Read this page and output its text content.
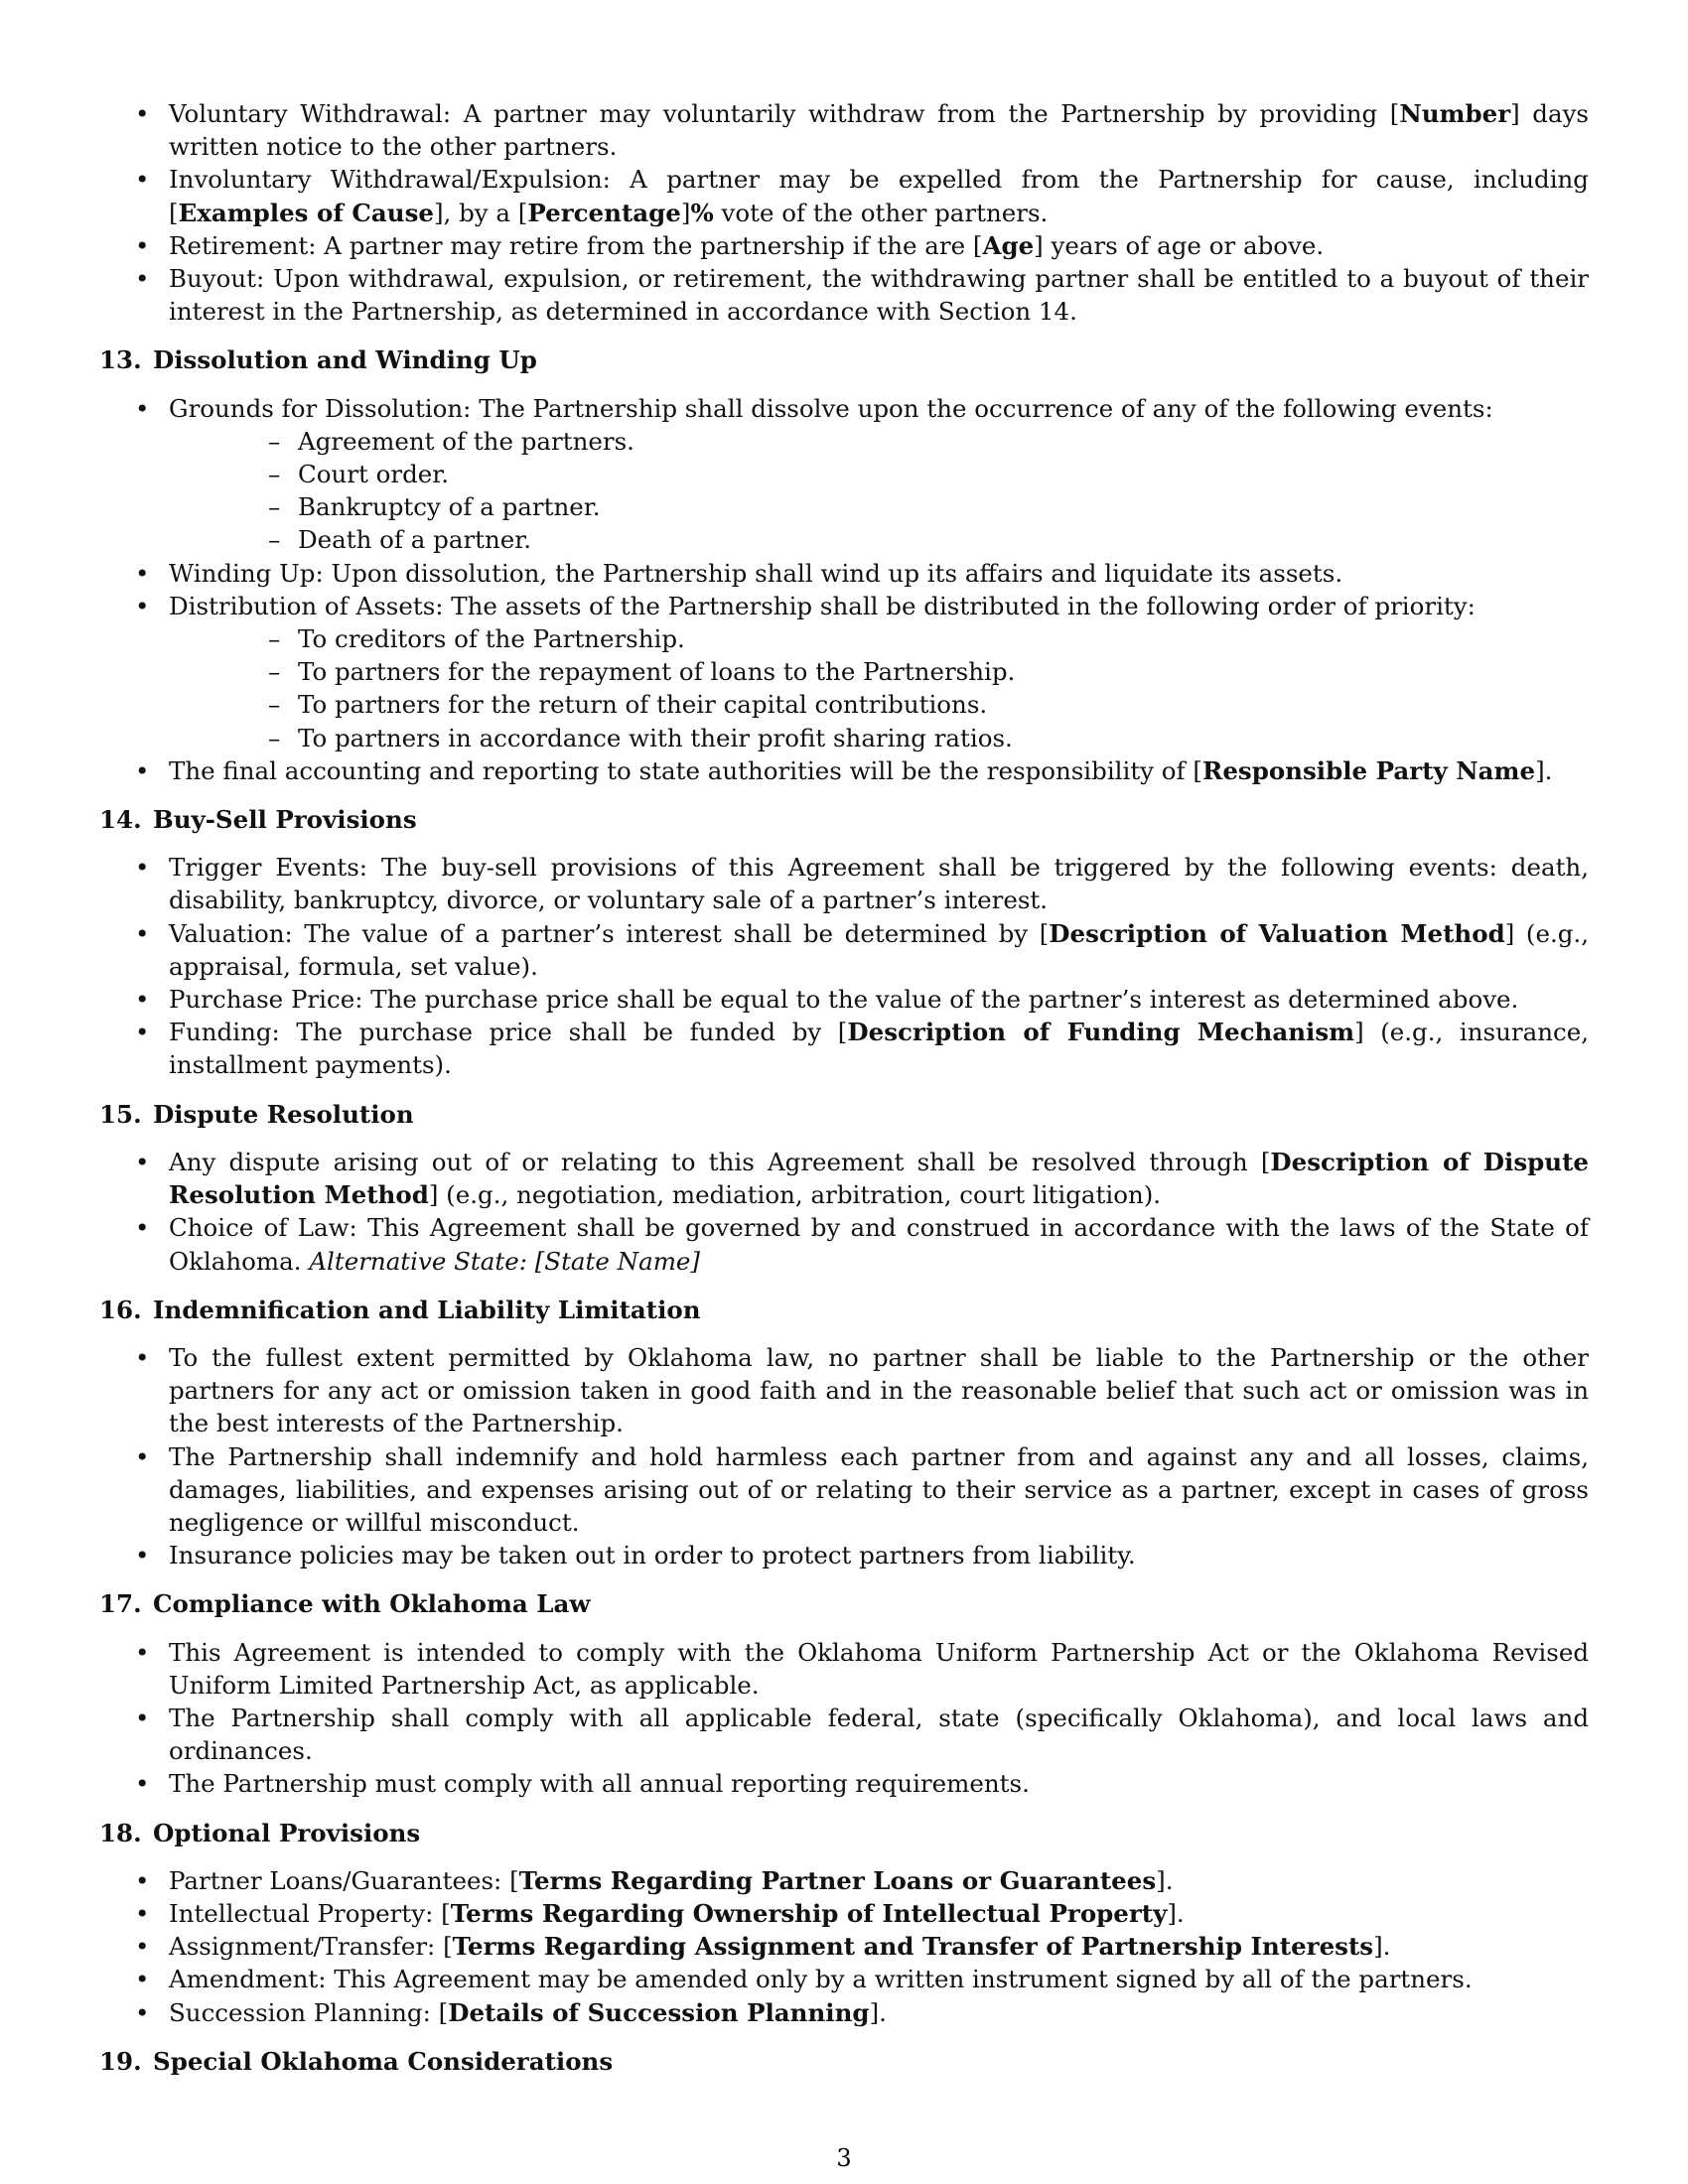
• Voluntary Withdrawal: A partner may voluntarily withdraw from the Partnership by providing [Number] days written notice to the other partners.
• Involuntary Withdrawal/Expulsion: A partner may be expelled from the Partnership for cause, including [Examples of Cause], by a [Percentage]% vote of the other partners.
• Retirement: A partner may retire from the partnership if the are [Age] years of age or above.
• Buyout: Upon withdrawal, expulsion, or retirement, the withdrawing partner shall be entitled to a buyout of their interest in the Partnership, as determined in accordance with Section 14.
13. Dissolution and Winding Up
• Grounds for Dissolution: The Partnership shall dissolve upon the occurrence of any of the following events:
– Agreement of the partners.
– Court order.
– Bankruptcy of a partner.
– Death of a partner.
• Winding Up: Upon dissolution, the Partnership shall wind up its affairs and liquidate its assets.
• Distribution of Assets: The assets of the Partnership shall be distributed in the following order of priority:
– To creditors of the Partnership.
– To partners for the repayment of loans to the Partnership.
– To partners for the return of their capital contributions.
– To partners in accordance with their profit sharing ratios.
• The final accounting and reporting to state authorities will be the responsibility of [Responsible Party Name].
14. Buy-Sell Provisions
• Trigger Events: The buy-sell provisions of this Agreement shall be triggered by the following events: death, disability, bankruptcy, divorce, or voluntary sale of a partner’s interest.
• Valuation: The value of a partner’s interest shall be determined by [Description of Valuation Method] (e.g., appraisal, formula, set value).
• Purchase Price: The purchase price shall be equal to the value of the partner’s interest as determined above.
• Funding: The purchase price shall be funded by [Description of Funding Mechanism] (e.g., insurance, installment payments).
15. Dispute Resolution
• Any dispute arising out of or relating to this Agreement shall be resolved through [Description of Dispute Resolution Method] (e.g., negotiation, mediation, arbitration, court litigation).
• Choice of Law: This Agreement shall be governed by and construed in accordance with the laws of the State of Oklahoma. Alternative State: [State Name]
16. Indemnification and Liability Limitation
• To the fullest extent permitted by Oklahoma law, no partner shall be liable to the Partnership or the other partners for any act or omission taken in good faith and in the reasonable belief that such act or omission was in the best interests of the Partnership.
• The Partnership shall indemnify and hold harmless each partner from and against any and all losses, claims, damages, liabilities, and expenses arising out of or relating to their service as a partner, except in cases of gross negligence or willful misconduct.
• Insurance policies may be taken out in order to protect partners from liability.
17. Compliance with Oklahoma Law
• This Agreement is intended to comply with the Oklahoma Uniform Partnership Act or the Oklahoma Revised Uniform Limited Partnership Act, as applicable.
• The Partnership shall comply with all applicable federal, state (specifically Oklahoma), and local laws and ordinances.
• The Partnership must comply with all annual reporting requirements.
18. Optional Provisions
• Partner Loans/Guarantees: [Terms Regarding Partner Loans or Guarantees].
• Intellectual Property: [Terms Regarding Ownership of Intellectual Property].
• Assignment/Transfer: [Terms Regarding Assignment and Transfer of Partnership Interests].
• Amendment: This Agreement may be amended only by a written instrument signed by all of the partners.
• Succession Planning: [Details of Succession Planning].
19. Special Oklahoma Considerations
3
